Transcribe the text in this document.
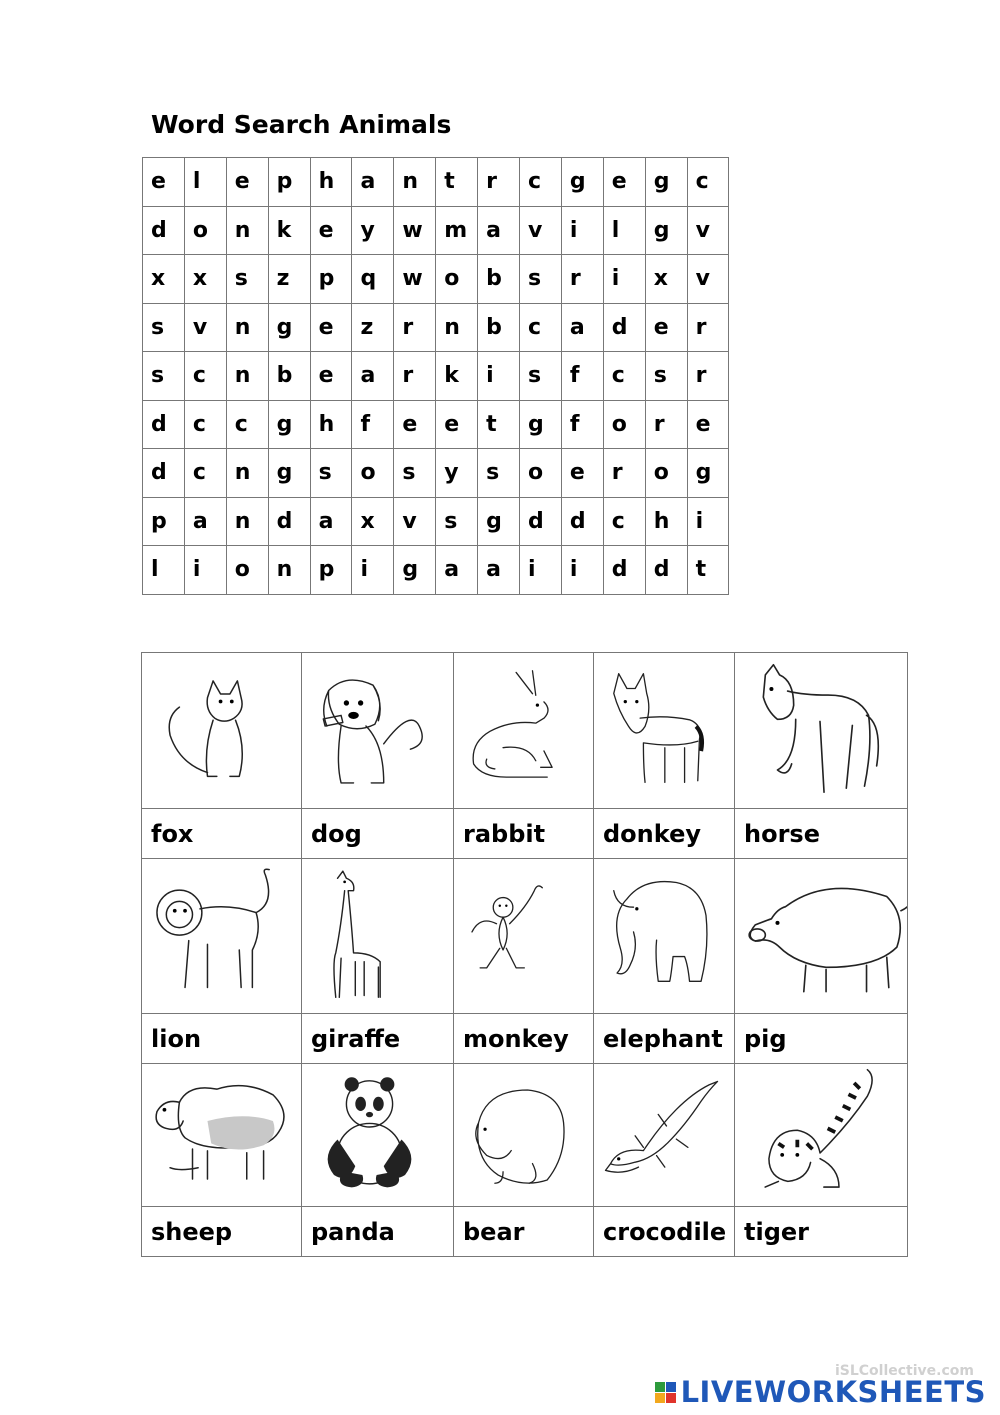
Word Search Animals
e	l	e	p	h	a	n	t	r	c	g	e	g	c
d	o	n	k	e	y	w	m	a	v	i	l	g	v
x	x	s	z	p	q	w	o	b	s	r	i	x	v
s	v	n	g	e	z	r	n	b	c	a	d	e	r
s	c	n	b	e	a	r	k	i	s	f	c	s	r
d	c	c	g	h	f	e	e	t	g	f	o	r	e
d	c	n	g	s	o	s	y	s	o	e	r	o	g
p	a	n	d	a	x	v	s	g	d	d	c	h	i
l	i	o	n	p	i	g	a	a	i	i	d	d	t

fox	dog	rabbit	donkey	horse

lion	giraffe	monkey	elephant	pig

sheep	panda	bear	crocodile	tiger
iSLCollective.com
LIVEWORKSHEETS
